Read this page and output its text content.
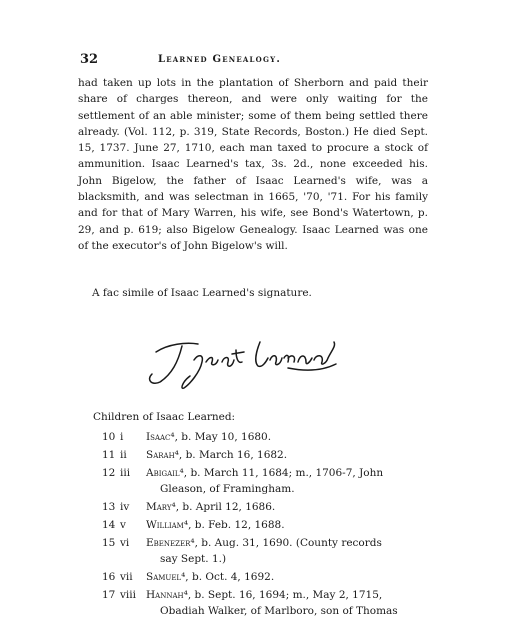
32	Learned Genealogy.

had taken up lots in the plantation of Sherborn and paid their share of charges thereon, and were only waiting for the settlement of an able minister; some of them being settled there already. (Vol. 112, p. 319, State Records, Boston.) He died Sept. 15, 1737. June 27, 1710, each man taxed to procure a stock of ammunition. Isaac Learned's tax, 3s. 2d., none exceeded his. John Bigelow, the father of Isaac Learned's wife, was a blacksmith, and was selectman in 1665, '70, '71. For his family and for that of Mary Warren, his wife, see Bond's Watertown, p. 29, and p. 619; also Bigelow Genealogy. Isaac Learned was one of the executor's of John Bigelow's will.

A fac simile of Isaac Learned's signature.
Children of Isaac Learned:
10 i Isaac⁴, b. May 10, 1680.
11 ii Sarah⁴, b. March 16, 1682.
12 iii Abigail⁴, b. March 11, 1684; m., 1706-7, John
Gleason, of Framingham.
13 iv Mary⁴, b. April 12, 1686.
14 v William⁴, b. Feb. 12, 1688.
15 vi Ebenezer⁴, b. Aug. 31, 1690. (County records
say Sept. 1.)
16 vii Samuel⁴, b. Oct. 4, 1692.
17 viii Hannah⁴, b. Sept. 16, 1694; m., May 2, 1715,
Obadiah Walker, of Marlboro, son of Thomas
